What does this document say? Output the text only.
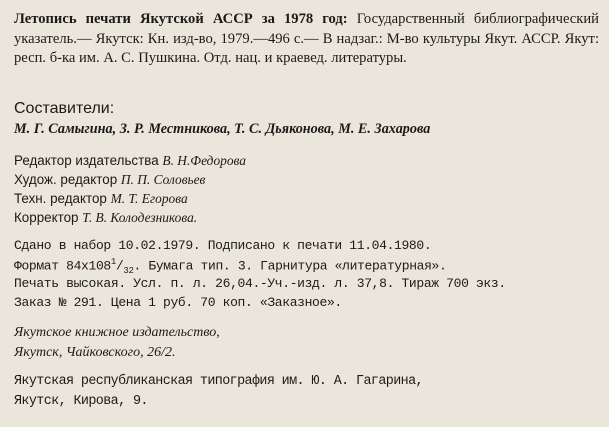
Летопись печати Якутской АССР за 1978 год: Государственный библиографический указатель.— Якутск: Кн. изд-во, 1979.—496 с.— В надзаг.: М-во культуры Якут. АССР. Якут: респ. б-ка им. А. С. Пушкина. Отд. нац. и краевед. литературы.
Составители:
М. Г. Самыгина, З. Р. Местникова, Т. С. Дьяконова, М. Е. Захарова
Редактор издательства В. Н.Федорова
Худож. редактор П. П. Соловьев
Техн. редактор М. Т. Егорова
Корректор Т. В. Колодезникова.
Сдано в набор 10.02.1979. Подписано к печати 11.04.1980.
Формат $84х108^1/_{32}$. Бумага тип. 3. Гарнитура «литературная».
Печать высокая. Усл. п. л. 26,04.-Уч.-изд. л. 37,8. Тираж 700 экз.
Заказ № 291. Цена 1 руб. 70 коп. «Заказное».
Якутское книжное издательство,
Якутск, Чайковского, 26/2.
Якутская республиканская типография им. Ю. А. Гагарина,
Якутск, Кирова, 9.
